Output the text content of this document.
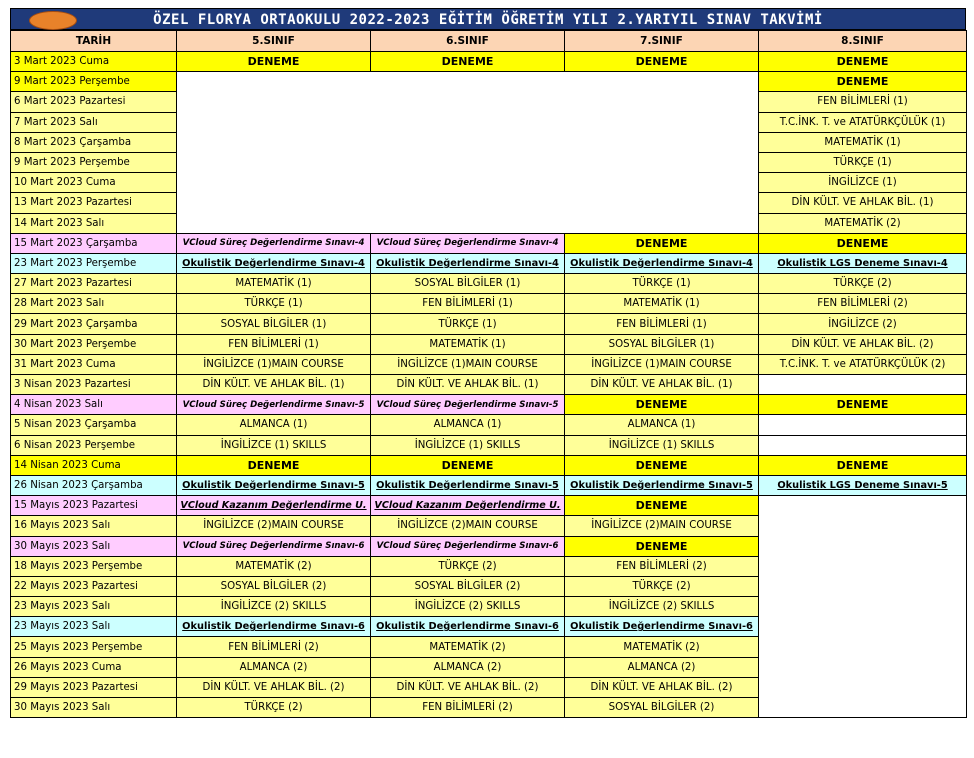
ÖZEL FLORYA ORTAOKULU 2022-2023 EĞİTİM ÖĞRETİM YILI 2.YARIYIL SINAV TAKVİMİ
TARİH	5.SINIF	6.SINIF	7.SINIF	8.SINIF
3 Mart 2023 Cuma	DENEME	DENEME	DENEME	DENEME
9 Mart 2023 Perşembe				DENEME
6 Mart 2023 Pazartesi				FEN BİLİMLERİ (1)
7 Mart 2023 Salı				T.C.İNK. T. ve ATATÜRKÇÜLÜK (1)
8 Mart 2023 Çarşamba				MATEMATİK (1)
9 Mart 2023 Perşembe				TÜRKÇE (1)
10 Mart 2023 Cuma				İNGİLİZCE (1)
13 Mart 2023 Pazartesi				DİN KÜLT. VE AHLAK BİL. (1)
14 Mart 2023 Salı				MATEMATİK (2)
15 Mart 2023 Çarşamba	VCloud Süreç Değerlendirme Sınavı-4	VCloud Süreç Değerlendirme Sınavı-4	DENEME	DENEME
23 Mart 2023 Perşembe	Okulistik Değerlendirme Sınavı-4	Okulistik Değerlendirme Sınavı-4	Okulistik Değerlendirme Sınavı-4	Okulistik LGS Deneme Sınavı-4
27 Mart 2023 Pazartesi	MATEMATİK (1)	SOSYAL BİLGİLER (1)	TÜRKÇE (1)	TÜRKÇE (2)
28 Mart 2023 Salı	TÜRKÇE (1)	FEN BİLİMLERİ (1)	MATEMATİK (1)	FEN BİLİMLERİ (2)
29 Mart 2023 Çarşamba	SOSYAL BİLGİLER (1)	TÜRKÇE (1)	FEN BİLİMLERİ (1)	İNGİLİZCE (2)
30 Mart 2023 Perşembe	FEN BİLİMLERİ (1)	MATEMATİK (1)	SOSYAL BİLGİLER (1)	DİN KÜLT. VE AHLAK BİL. (2)
31 Mart 2023 Cuma	İNGİLİZCE (1)MAIN COURSE	İNGİLİZCE (1)MAIN COURSE	İNGİLİZCE (1)MAIN COURSE	T.C.İNK. T. ve ATATÜRKÇÜLÜK (2)
3 Nisan 2023 Pazartesi	DİN KÜLT. VE AHLAK BİL. (1)	DİN KÜLT. VE AHLAK BİL. (1)	DİN KÜLT. VE AHLAK BİL. (1)	
4 Nisan 2023 Salı	VCloud Süreç Değerlendirme Sınavı-5	VCloud Süreç Değerlendirme Sınavı-5	DENEME	DENEME
5 Nisan 2023 Çarşamba	ALMANCA (1)	ALMANCA (1)	ALMANCA (1)	
6 Nisan 2023 Perşembe	İNGİLİZCE (1) SKILLS	İNGİLİZCE (1) SKILLS	İNGİLİZCE (1) SKILLS	
14 Nisan 2023 Cuma	DENEME	DENEME	DENEME	DENEME
26 Nisan 2023 Çarşamba	Okulistik Değerlendirme Sınavı-5	Okulistik Değerlendirme Sınavı-5	Okulistik Değerlendirme Sınavı-5	Okulistik LGS Deneme Sınavı-5
15 Mayıs 2023 Pazartesi	VCloud Kazanım Değerlendirme U.	VCloud Kazanım Değerlendirme U.	DENEME	
16 Mayıs 2023 Salı	İNGİLİZCE (2)MAIN COURSE	İNGİLİZCE (2)MAIN COURSE	İNGİLİZCE (2)MAIN COURSE	
30 Mayıs 2023 Salı	VCloud Süreç Değerlendirme Sınavı-6	VCloud Süreç Değerlendirme Sınavı-6	DENEME	
18 Mayıs 2023 Perşembe	MATEMATİK (2)	TÜRKÇE (2)	FEN BİLİMLERİ (2)	
22 Mayıs 2023 Pazartesi	SOSYAL BİLGİLER (2)	SOSYAL BİLGİLER (2)	TÜRKÇE (2)	
23 Mayıs 2023 Salı	İNGİLİZCE (2) SKILLS	İNGİLİZCE (2) SKILLS	İNGİLİZCE (2) SKILLS	
23 Mayıs 2023 Salı	Okulistik Değerlendirme Sınavı-6	Okulistik Değerlendirme Sınavı-6	Okulistik Değerlendirme Sınavı-6	
25 Mayıs 2023 Perşembe	FEN BİLİMLERİ (2)	MATEMATİK (2)	MATEMATİK (2)	
26 Mayıs 2023 Cuma	ALMANCA (2)	ALMANCA (2)	ALMANCA (2)	
29 Mayıs 2023 Pazartesi	DİN KÜLT. VE AHLAK BİL. (2)	DİN KÜLT. VE AHLAK BİL. (2)	DİN KÜLT. VE AHLAK BİL. (2)	
30 Mayıs 2023 Salı	TÜRKÇE (2)	FEN BİLİMLERİ (2)	SOSYAL BİLGİLER (2)	
